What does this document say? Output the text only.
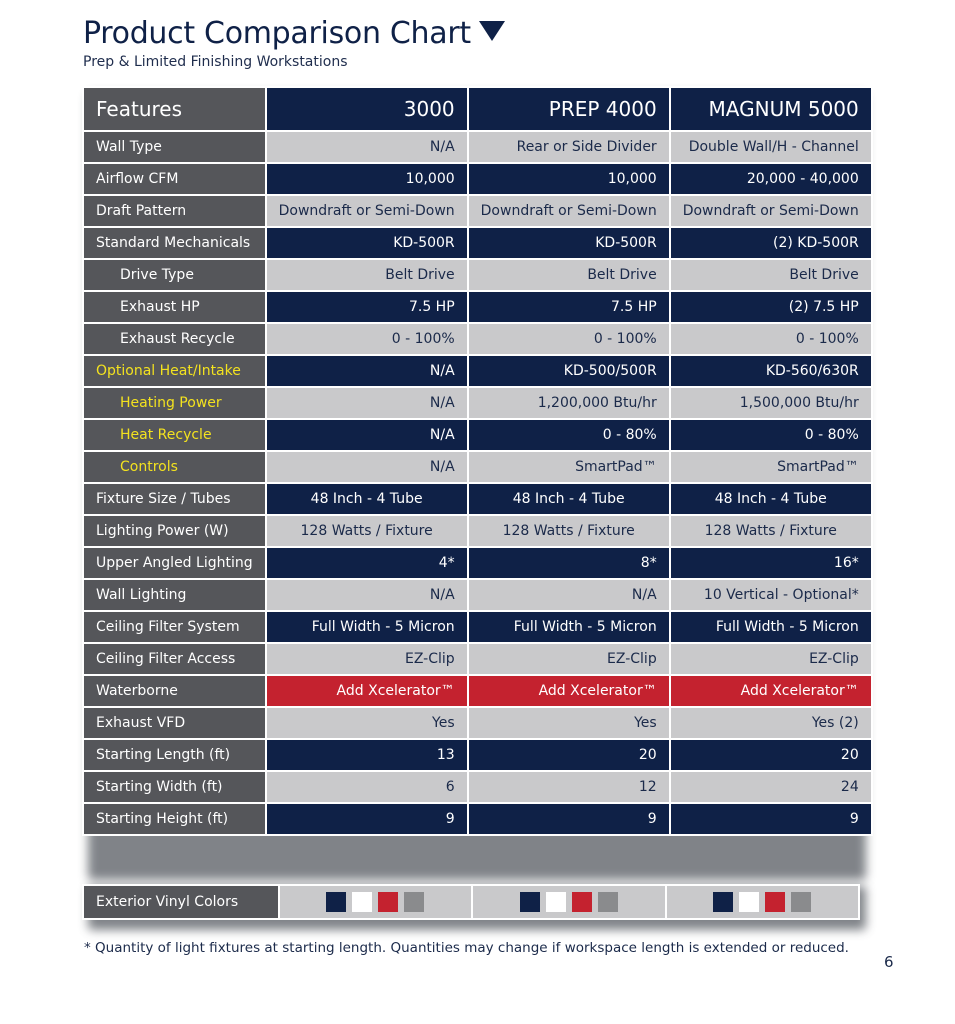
Product Comparison Chart
Prep & Limited Finishing Workstations
Features	3000	PREP 4000	MAGNUM 5000
Wall Type	N/A	Rear or Side Divider	Double Wall/H - Channel
Airflow CFM	10,000	10,000	20,000 - 40,000
Draft Pattern	Downdraft or Semi-Down	Downdraft or Semi-Down	Downdraft or Semi-Down
Standard Mechanicals	KD-500R	KD-500R	(2) KD-500R
Drive Type	Belt Drive	Belt Drive	Belt Drive
Exhaust HP	7.5 HP	7.5 HP	(2) 7.5 HP
Exhaust Recycle	0 - 100%	0 - 100%	0 - 100%
Optional Heat/Intake	N/A	KD-500/500R	KD-560/630R
Heating Power	N/A	1,200,000 Btu/hr	1,500,000 Btu/hr
Heat Recycle	N/A	0 - 80%	0 - 80%
Controls	N/A	SmartPad™	SmartPad™
Fixture Size / Tubes	48 Inch - 4 Tube	48 Inch - 4 Tube	48 Inch - 4 Tube
Lighting Power (W)	128 Watts / Fixture	128 Watts / Fixture	128 Watts / Fixture
Upper Angled Lighting	4*	8*	16*
Wall Lighting	N/A	N/A	10 Vertical - Optional*
Ceiling Filter System	Full Width - 5 Micron	Full Width - 5 Micron	Full Width - 5 Micron
Ceiling Filter Access	EZ-Clip	EZ-Clip	EZ-Clip
Waterborne	Add Xcelerator™	Add Xcelerator™	Add Xcelerator™
Exhaust VFD	Yes	Yes	Yes (2)
Starting Length (ft)	13	20	20
Starting Width (ft)	6	12	24
Starting Height (ft)	9	9	9
Exterior Vinyl Colors			
* Quantity of light fixtures at starting length. Quantities may change if workspace length is extended or reduced.
6
